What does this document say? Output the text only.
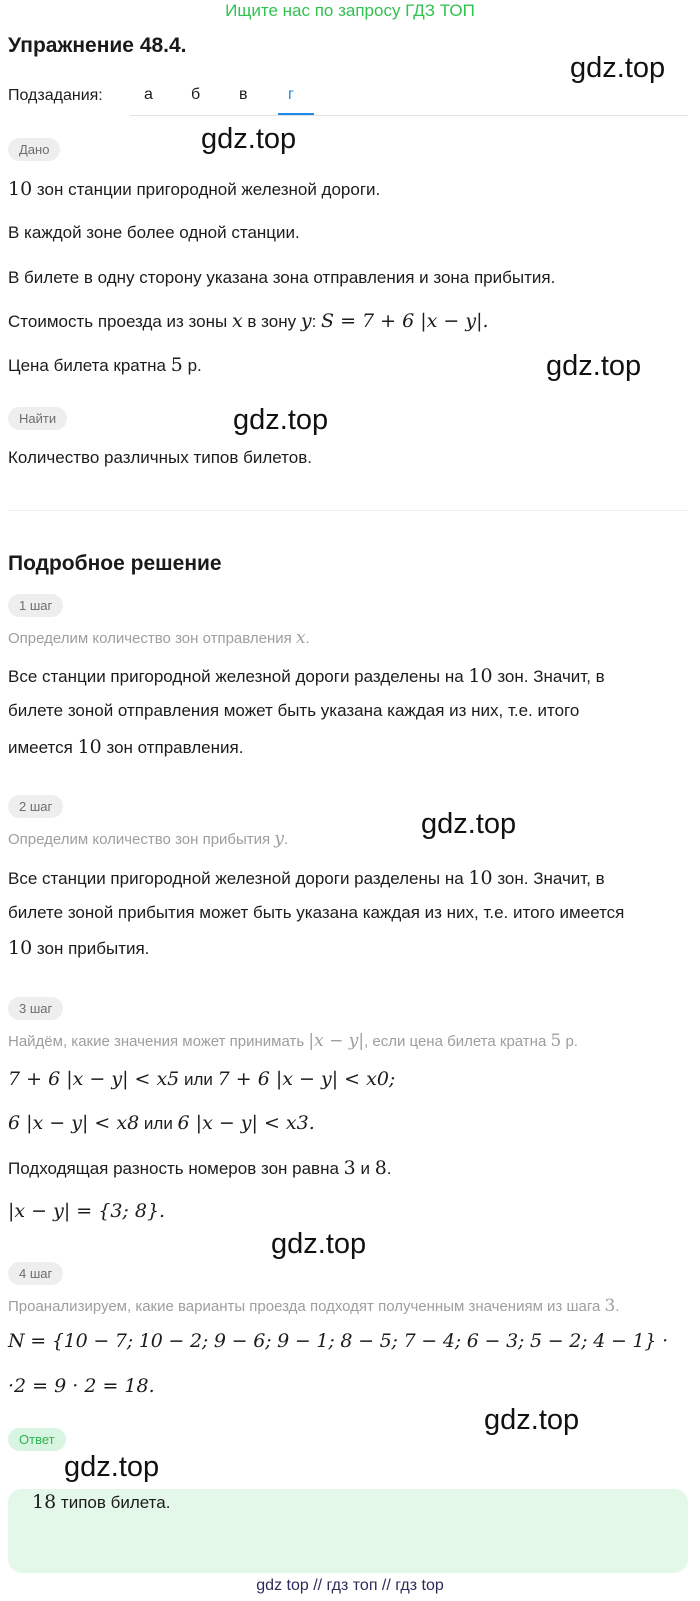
Ищите нас по запросу ГДЗ ТОП
Упражнение 48.4.
gdz.top
Подзадания:	а б в	г
Дано	gdz.top
10 зон станции пригородной железной дороги.
В каждой зоне более одной станции.
В билете в одну сторону указана зона отправления и зона прибытия.
Стоимость проезда из зоны x в зону y: S = 7 + 6 |x − y|.
Цена билета кратна 5 р.	gdz.top
Найти	gdz.top
Количество различных типов билетов.
Подробное решение
1 шаг
Определим количество зон отправления x.
Все станции пригородной железной дороги разделены на 10 зон. Значит, в
билете зоной отправления может быть указана каждая из них, т.е. итого
имеется 10 зон отправления.
2 шаг
gdz.top
Определим количество зон прибытия y.
Все станции пригородной железной дороги разделены на 10 зон. Значит, в
билете зоной прибытия может быть указана каждая из них, т.е. итого имеется
10 зон прибытия.
3 шаг
Найдём, какие значения может принимать |x − y|, если цена билета кратна 5 р.
7 + 6 |x − y| < x5 или 7 + 6 |x − y| < x0;
6 |x − y| < x8 или 6 |x − y| < x3.
Подходящая разность номеров зон равна 3 и 8.
|x − y| = {3; 8}.
gdz.top
4 шаг
Проанализируем, какие варианты проезда подходят полученным значениям из шага 3.
N = {10 − 7; 10 − 2; 9 − 6; 9 − 1; 8 − 5; 7 − 4; 6 − 3; 5 − 2; 4 − 1} ·
·2 = 9 · 2 = 18.
gdz.top
Ответ
gdz.top
18 типов билета.
gdz top // гдз топ // гдз top
